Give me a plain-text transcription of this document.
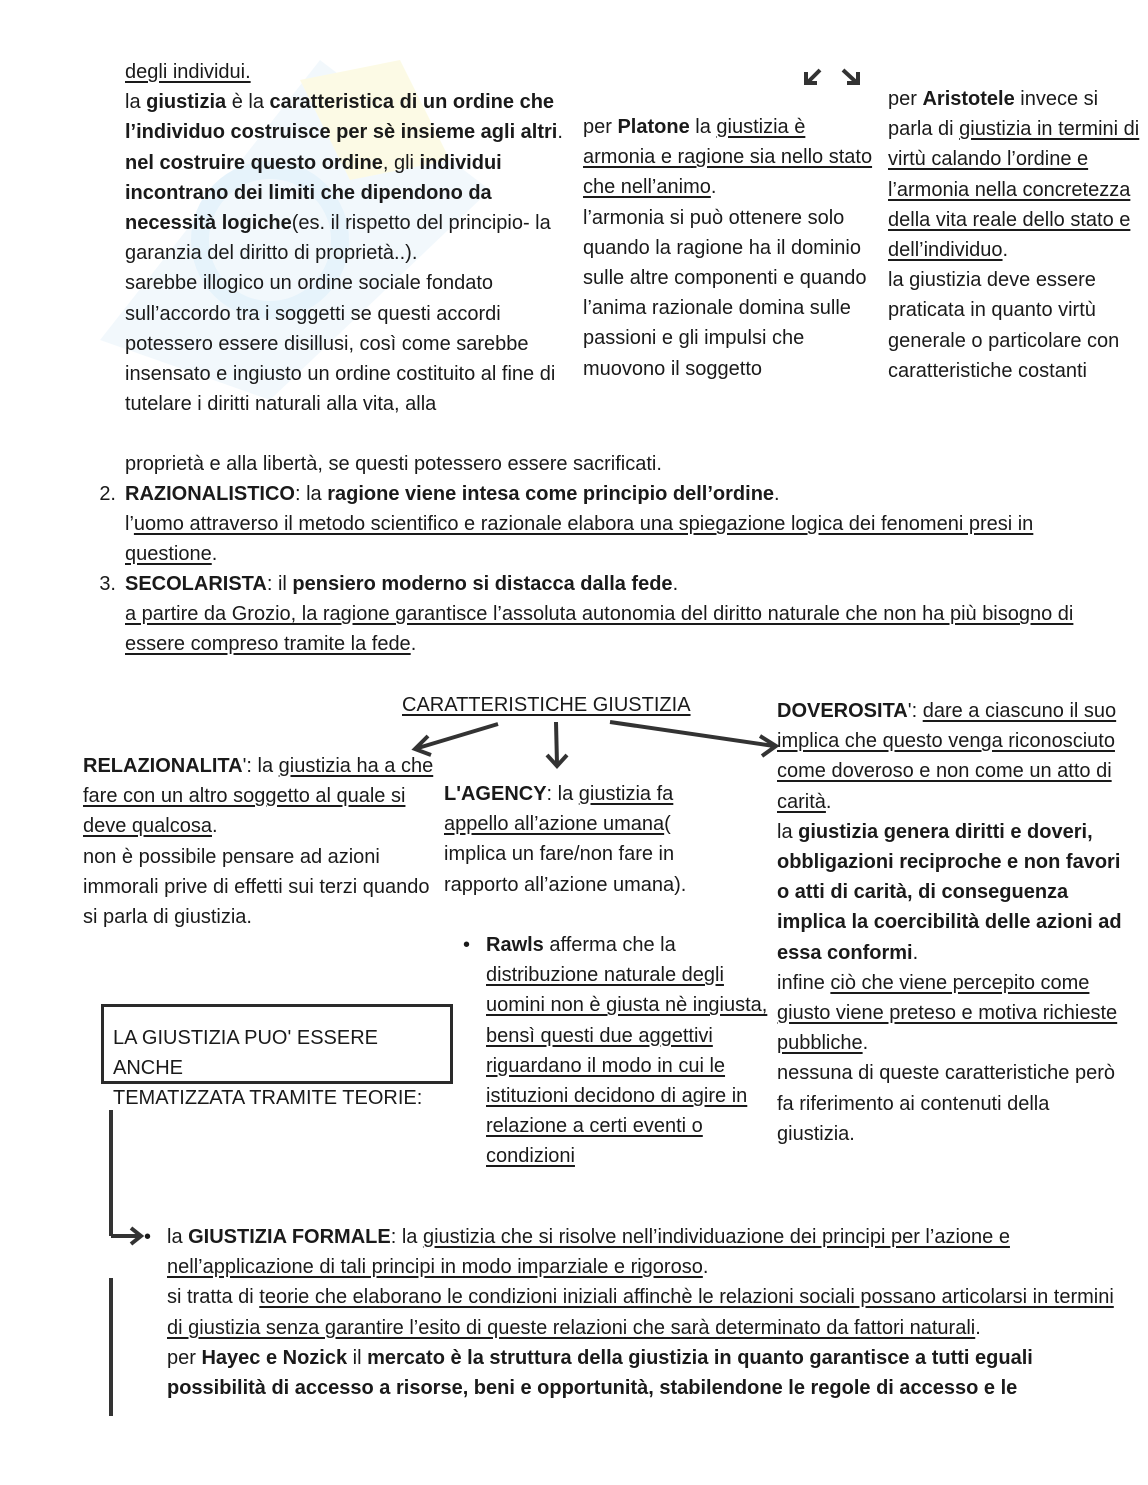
degli individui.
la giustizia è la caratteristica di un ordine che l’individuo costruisce per sè insieme agli altri.
nel costruire questo ordine, gli individui incontrano dei limiti che dipendono da necessità logiche(es. il rispetto del principio- la garanzia del diritto di proprietà..).
sarebbe illogico un ordine sociale fondato sull’accordo tra i soggetti se questi accordi potessero essere disillusi, così come sarebbe insensato e ingiusto un ordine costituito al fine di tutelare i diritti naturali alla vita, alla
proprietà e alla libertà, se questi potessero essere sacrificati.
per Platone la giustizia è armonia e ragione sia nello stato che nell’animo.
l’armonia si può ottenere solo quando la ragione ha il dominio sulle altre componenti e quando l’anima razionale domina sulle passioni e gli impulsi che muovono il soggetto
per Aristotele invece si parla di giustizia in termini di virtù calando l’ordine e l’armonia nella concretezza della vita reale dello stato e dell’individuo.
la giustizia deve essere praticata in quanto virtù generale o particolare con caratteristiche costanti
2. RAZIONALISTICO: la ragione viene intesa come principio dell’ordine.
l’uomo attraverso il metodo scientifico e razionale elabora una spiegazione logica dei fenomeni presi in questione.
3. SECOLARISTA: il pensiero moderno si distacca dalla fede.
a partire da Grozio, la ragione garantisce l’assoluta autonomia del diritto naturale che non ha più bisogno di essere compreso tramite la fede.
CARATTERISTICHE GIUSTIZIA
RELAZIONALITA': la giustizia ha a che fare con un altro soggetto al quale si deve qualcosa.
non è possibile pensare ad azioni immorali prive di effetti sui terzi quando si parla di giustizia.
L'AGENCY: la giustizia fa appello all’azione umana( implica un fare/non fare in rapporto all’azione umana).
• Rawls afferma che la distribuzione naturale degli uomini non è giusta nè ingiusta, bensì questi due aggettivi riguardano il modo in cui le istituzioni decidono di agire in relazione a certi eventi o condizioni
DOVEROSITA': dare a ciascuno il suo implica che questo venga riconosciuto come doveroso e non come un atto di carità.
la giustizia genera diritti e doveri, obbligazioni reciproche e non favori o atti di carità, di conseguenza implica la coercibilità delle azioni ad essa conformi.
infine ciò che viene percepito come giusto viene preteso e motiva richieste pubbliche.
nessuna di queste caratteristiche però fa riferimento ai contenuti della giustizia.
LA GIUSTIZIA PUO' ESSERE ANCHE
TEMATIZZATA TRAMITE TEORIE:
• la GIUSTIZIA FORMALE: la giustizia che si risolve nell’individuazione dei principi per l’azione e nell’applicazione di tali principi in modo imparziale e rigoroso.
si tratta di teorie che elaborano le condizioni iniziali affinchè le relazioni sociali possano articolarsi in termini di giustizia senza garantire l’esito di queste relazioni che sarà determinato da fattori naturali.
per Hayec e Nozick il mercato è la struttura della giustizia in quanto garantisce a tutti eguali possibilità di accesso a risorse, beni e opportunità, stabilendone le regole di accesso e le
